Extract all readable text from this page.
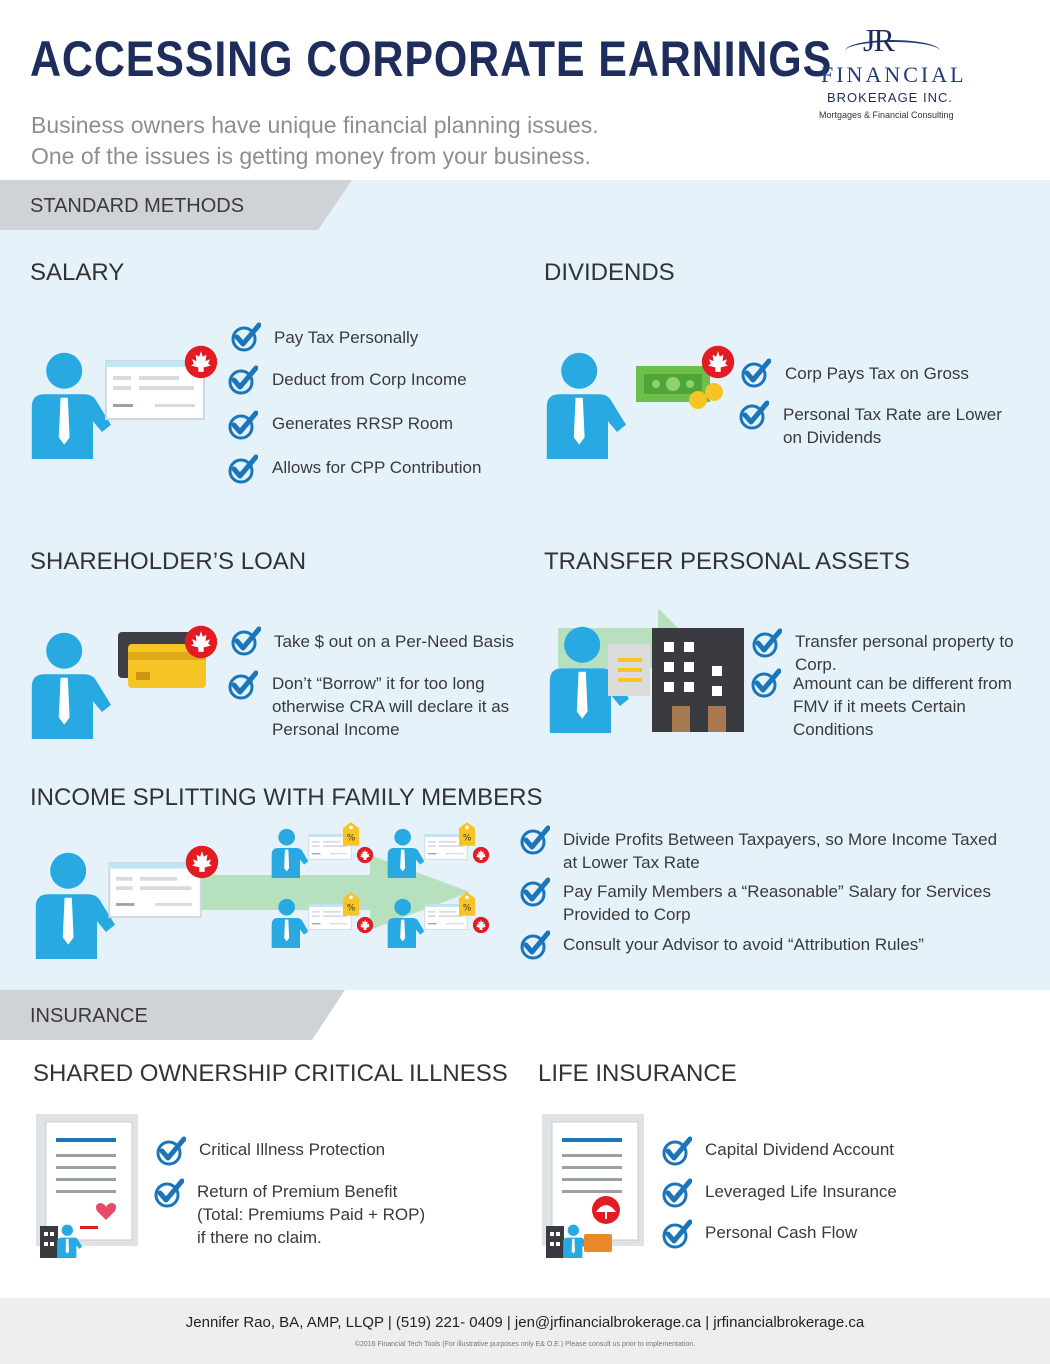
ACCESSING CORPORATE EARNINGS
Business owners have unique financial planning issues.
One of the issues is getting money from your business.
JR
FINANCIAL
BROKERAGE INC.
Mortgages & Financial Consulting
STANDARD METHODS
SALARY
Pay Tax Personally
Deduct from Corp Income
Generates RRSP Room
Allows for CPP Contribution
DIVIDENDS
Corp Pays Tax on Gross
Personal Tax Rate are Lower
on Dividends
SHAREHOLDER’S LOAN
Take $ out on a Per-Need Basis
Don’t “Borrow” it for too long
otherwise CRA will declare it as
Personal Income
TRANSFER PERSONAL ASSETS
Transfer personal property to
Corp.
Amount can be different from
FMV if it meets Certain
Conditions
INCOME SPLITTING WITH FAMILY MEMBERS
Divide Profits Between Taxpayers, so More Income Taxed
at Lower Tax Rate
Pay Family Members a “Reasonable” Salary for Services
Provided to Corp
Consult your Advisor to avoid “Attribution Rules”
INSURANCE
SHARED OWNERSHIP CRITICAL ILLNESS
Critical Illness Protection
Return of Premium Benefit
(Total: Premiums Paid + ROP)
if there no claim.
LIFE INSURANCE
Capital Dividend Account
Leveraged Life Insurance
Personal Cash Flow
Jennifer Rao, BA, AMP, LLQP | (519) 221- 0409 | jen@jrfinancialbrokerage.ca | jrfinancialbrokerage.ca
©2016 Financial Tech Tools (For illustrative purposes only E& O.E.) Please consult us prior to implementation.
